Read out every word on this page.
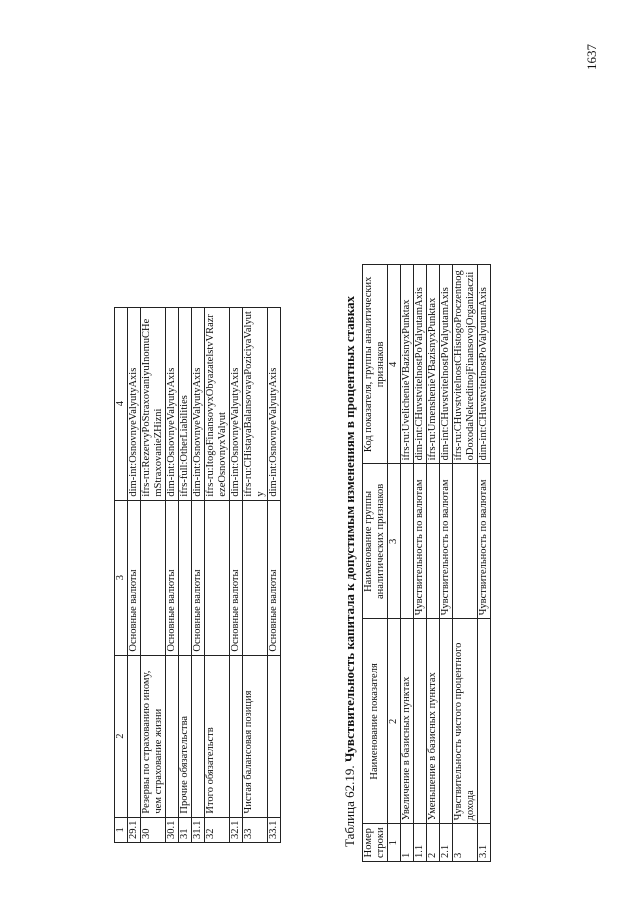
1637
1	2	3	4
29.1		Основные валюты	dim-int:OsnovnyeValyutyAxis
30	Резервы по страхованию иному, чем страхование жизни		ifrs-ru:RezervyPoStraxovaniyuInomuCHemStraxovanieZHizni
30.1		Основные валюты	dim-int:OsnovnyeValyutyAxis
31	Прочие обязательства		ifrs-full:OtherLiabilities
31.1		Основные валюты	dim-int:OsnovnyeValyutyAxis
32	Итого обязательств		ifrs-ru:ItogoFinansovyxObyazatelstvVRazrezeOsnovnyxValyut
32.1		Основные валюты	dim-int:OsnovnyeValyutyAxis
33	Чистая балансовая позиция		ifrs-ru:CHistayaBalansovayaPoziciyaValyuty
33.1		Основные валюты	dim-int:OsnovnyeValyutyAxis
Таблица 62.19. Чувствительность капитала к допустимым изменениям в процентных ставках
Номер строки	Наименование показателя	Наименование группы аналитических признаков	Код показателя, группы аналитических признаков
1	2	3	4
1	Увеличение в базисных пунктах		ifrs-ru:UvelichenieVBazisnyxPunktax
1.1		Чувствительность по валютам	dim-int:CHuvstvitelnostPoValyutamAxis
2	Уменьшение в базисных пунктах		ifrs-ru:UmenshenieVBazisnyxPunktax
2.1		Чувствительность по валютам	dim-int:CHuvstvitelnostPoValyutamAxis
3	Чувствительность чистого процентного дохода		ifrs-ru:CHuvstvitelnostCHistogoProczentnogoDoxodaNekreditnojFinansovojOrganizaczii
3.1		Чувствительность по валютам	dim-int:CHuvstvitelnostPoValyutamAxis
